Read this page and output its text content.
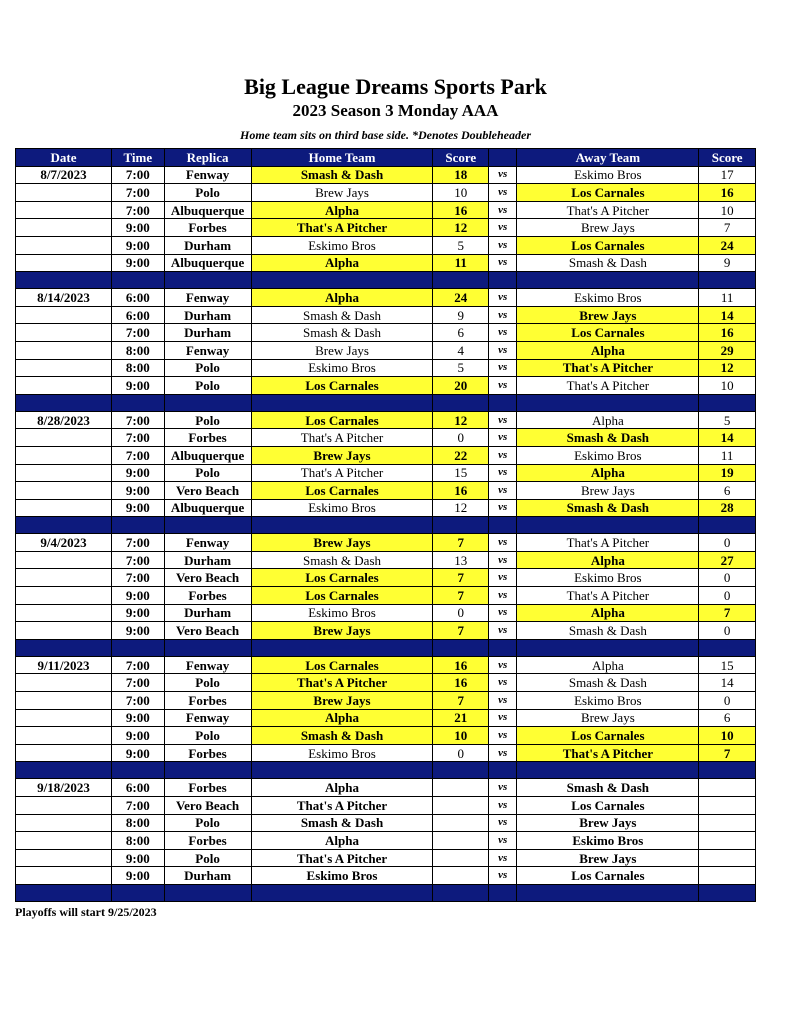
Big League Dreams Sports Park
2023 Season 3 Monday AAA
Home team sits on third base side. *Denotes Doubleheader
Date	Time	Replica	Home Team	Score		Away Team	Score
8/7/2023	7:00	Fenway	Smash & Dash	18	vs	Eskimo Bros	17
	7:00	Polo	Brew Jays	10	vs	Los Carnales	16
	7:00	Albuquerque	Alpha	16	vs	That's A Pitcher	10
	9:00	Forbes	That's A Pitcher	12	vs	Brew Jays	7
	9:00	Durham	Eskimo Bros	5	vs	Los Carnales	24
	9:00	Albuquerque	Alpha	11	vs	Smash & Dash	9

8/14/2023	6:00	Fenway	Alpha	24	vs	Eskimo Bros	11
	6:00	Durham	Smash & Dash	9	vs	Brew Jays	14
	7:00	Durham	Smash & Dash	6	vs	Los Carnales	16
	8:00	Fenway	Brew Jays	4	vs	Alpha	29
	8:00	Polo	Eskimo Bros	5	vs	That's A Pitcher	12
	9:00	Polo	Los Carnales	20	vs	That's A Pitcher	10

8/28/2023	7:00	Polo	Los Carnales	12	vs	Alpha	5
	7:00	Forbes	That's A Pitcher	0	vs	Smash & Dash	14
	7:00	Albuquerque	Brew Jays	22	vs	Eskimo Bros	11
	9:00	Polo	That's A Pitcher	15	vs	Alpha	19
	9:00	Vero Beach	Los Carnales	16	vs	Brew Jays	6
	9:00	Albuquerque	Eskimo Bros	12	vs	Smash & Dash	28

9/4/2023	7:00	Fenway	Brew Jays	7	vs	That's A Pitcher	0
	7:00	Durham	Smash & Dash	13	vs	Alpha	27
	7:00	Vero Beach	Los Carnales	7	vs	Eskimo Bros	0
	9:00	Forbes	Los Carnales	7	vs	That's A Pitcher	0
	9:00	Durham	Eskimo Bros	0	vs	Alpha	7
	9:00	Vero Beach	Brew Jays	7	vs	Smash & Dash	0

9/11/2023	7:00	Fenway	Los Carnales	16	vs	Alpha	15
	7:00	Polo	That's A Pitcher	16	vs	Smash & Dash	14
	7:00	Forbes	Brew Jays	7	vs	Eskimo Bros	0
	9:00	Fenway	Alpha	21	vs	Brew Jays	6
	9:00	Polo	Smash & Dash	10	vs	Los Carnales	10
	9:00	Forbes	Eskimo Bros	0	vs	That's A Pitcher	7

9/18/2023	6:00	Forbes	Alpha		vs	Smash & Dash	
	7:00	Vero Beach	That's A Pitcher		vs	Los Carnales	
	8:00	Polo	Smash & Dash		vs	Brew Jays	
	8:00	Forbes	Alpha		vs	Eskimo Bros	
	9:00	Polo	That's A Pitcher		vs	Brew Jays	
	9:00	Durham	Eskimo Bros		vs	Los Carnales	

Playoffs will start 9/25/2023
